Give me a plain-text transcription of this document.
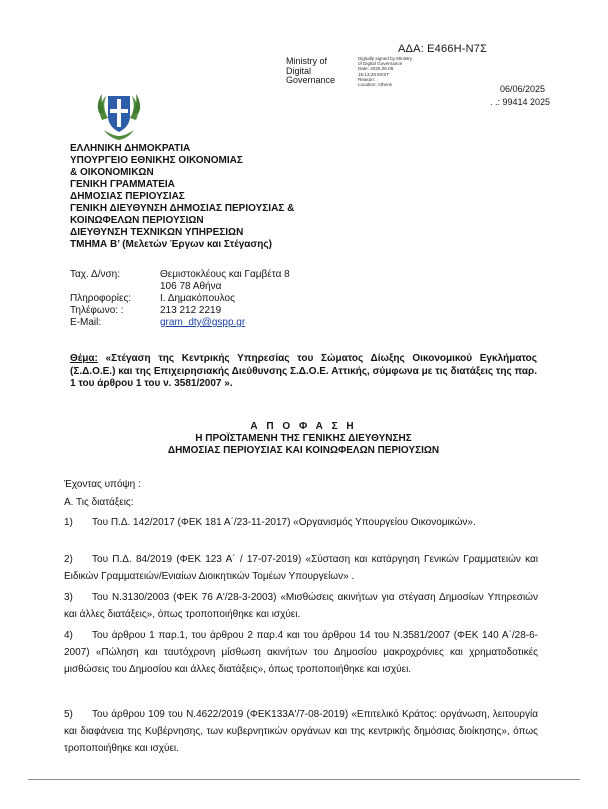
ΑΔΑ: Ε466Η-Ν7Σ
Ministry of
Digital
Governance
Digitally signed by Ministry
of Digital Governance
Date: 2025.06.06
15:13:28 EEST
Reason:
Location: Athens	06/06/2025
. .: 99414 2025
ΕΛΛΗΝΙΚΗ ΔΗΜΟΚΡΑΤΙΑ
ΥΠΟΥΡΓΕΙΟ ΕΘΝΙΚΗΣ ΟΙΚΟΝΟΜΙΑΣ
& ΟΙΚΟΝΟΜΙΚΩΝ
ΓΕΝΙΚΗ ΓΡΑΜΜΑΤΕΙΑ
ΔΗΜΟΣΙΑΣ ΠΕΡΙΟΥΣΙΑΣ
ΓΕΝΙΚΗ ΔΙΕΥΘΥΝΣΗ ΔΗΜΟΣΙΑΣ ΠΕΡΙΟΥΣΙΑΣ &
ΚΟΙΝΩΦΕΛΩΝ ΠΕΡΙΟΥΣΙΩΝ
ΔΙΕΥΘΥΝΣΗ ΤΕΧΝΙΚΩΝ ΥΠΗΡΕΣΙΩΝ
ΤΜΗΜΑ Β’ (Μελετών Έργων και Στέγασης)
Ταχ. Δ/νση:	Θεμιστοκλέους και Γαμβέτα 8
106 78 Αθήνα
Πληροφορίες:	Ι. Δημακόπουλος
Τηλέφωνο: :	213 212 2219
E-Mail:	gram_dty@gspp.gr
Θέμα: «Στέγαση της Κεντρικής Υπηρεσίας του Σώματος Δίωξης Οικονομικού Εγκλήματος (Σ.Δ.Ο.Ε.) και της Επιχειρησιακής Διεύθυνσης Σ.Δ.Ο.Ε. Αττικής, σύμφωνα με τις διατάξεις της παρ. 1 του άρθρου 1 του ν. 3581/2007 ».
Α Π Ο Φ Α Σ Η
Η ΠΡΟΪΣΤΑΜΕΝΗ ΤΗΣ ΓΕΝΙΚΗΣ ΔΙΕΥΘΥΝΣΗΣ
ΔΗΜΟΣΙΑΣ ΠΕΡΙΟΥΣΙΑΣ ΚΑΙ ΚΟΙΝΩΦΕΛΩΝ ΠΕΡΙΟΥΣΙΩΝ
Έχοντας υπόψη :
Α. Τις διατάξεις:
1) Του Π.Δ. 142/2017 (ΦΕΚ 181 Α΄/23-11-2017) «Οργανισμός Υπουργείου Οικονομικών».
2) Του Π.Δ. 84/2019 (ΦΕΚ 123 Α΄ / 17-07-2019) «Σύσταση και κατάργηση Γενικών Γραμματειών και Ειδικών Γραμματειών/Ενιαίων Διοικητικών Τομέων Υπουργείων» .
3) Του Ν.3130/2003 (ΦΕΚ 76 Α'/28-3-2003) «Μισθώσεις ακινήτων για στέγαση Δημοσίων Υπηρεσιών και άλλες διατάξεις», όπως τροποποιήθηκε και ισχύει.
4) Του άρθρου 1 παρ.1, του άρθρου 2 παρ.4 και του άρθρου 14 του Ν.3581/2007 (ΦΕΚ 140 Α΄/28-6-2007) «Πώληση και ταυτόχρονη μίσθωση ακινήτων του Δημοσίου μακροχρόνιες και χρηματοδοτικές μισθώσεις του Δημοσίου και άλλες διατάξεις», όπως τροποποιήθηκε και ισχύει.
5) Του άρθρου 109 του Ν.4622/2019 (ΦΕΚ133Α'/7-08-2019) «Επιτελικό Κράτος: οργάνωση, λειτουργία και διαφάνεια της Κυβέρνησης, των κυβερνητικών οργάνων και της κεντρικής δημόσιας διοίκησης», όπως τροποποιήθηκε και ισχύει.
